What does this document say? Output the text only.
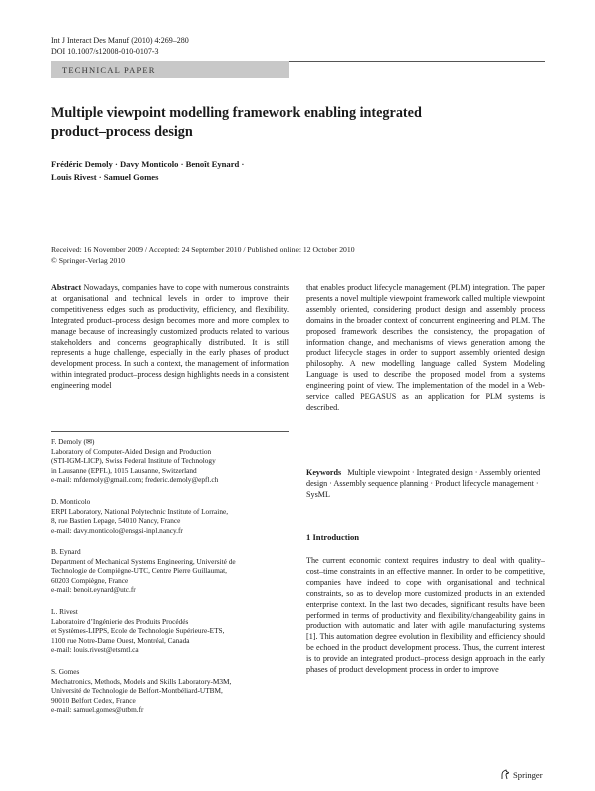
Int J Interact Des Manuf (2010) 4:269–280
DOI 10.1007/s12008-010-0107-3
TECHNICAL PAPER
Multiple viewpoint modelling framework enabling integrated
product–process design
Frédéric Demoly · Davy Monticolo · Benoît Eynard ·
Louis Rivest · Samuel Gomes
Received: 16 November 2009 / Accepted: 24 September 2010 / Published online: 12 October 2010
© Springer-Verlag 2010
Abstract Nowadays, companies have to cope with numerous constraints at organisational and technical levels in order to improve their competitiveness edges such as productivity, efficiency, and flexibility. Integrated product–process design becomes more and more complex to manage because of increasingly customized products related to various stakeholders and concerns geographically distributed. It is still represents a huge challenge, especially in the early phases of product development process. In such a context, the management of information within integrated product–process design highlights needs in a consistent engineering model
that enables product lifecycle management (PLM) integration. The paper presents a novel multiple viewpoint framework called multiple viewpoint assembly oriented, considering product design and assembly process domains in the broader context of concurrent engineering and PLM. The proposed framework describes the consistency, the propagation of information change, and mechanisms of views generation among the product lifecycle stages in order to support assembly oriented design philosophy. A new modelling language called System Modeling Language is used to describe the proposed model from a systems engineering point of view. The implementation of the model in a Web-service called PEGASUS as an application for PLM systems is described.
F. Demoly (✉)
Laboratory of Computer-Aided Design and Production
(STI-IGM-LICP), Swiss Federal Institute of Technology
in Lausanne (EPFL), 1015 Lausanne, Switzerland
e-mail: mfdemoly@gmail.com; frederic.demoly@epfl.ch
D. Monticolo
ERPI Laboratory, National Polytechnic Institute of Lorraine,
8, rue Bastien Lepage, 54010 Nancy, France
e-mail: davy.monticolo@ensgsi-inpl.nancy.fr
B. Eynard
Department of Mechanical Systems Engineering, Université de
Technologie de Compiègne-UTC, Centre Pierre Guillaumat,
60203 Compiègne, France
e-mail: benoit.eynard@utc.fr
L. Rivest
Laboratoire d’Ingénierie des Produits Procédés
et Systèmes-LIPPS, Ecole de Technologie Supérieure-ETS,
1100 rue Notre-Dame Ouest, Montréal, Canada
e-mail: louis.rivest@etsmtl.ca
S. Gomes
Mechatronics, Methods, Models and Skills Laboratory-M3M,
Université de Technologie de Belfort-Montbéliard-UTBM,
90010 Belfort Cedex, France
e-mail: samuel.gomes@utbm.fr
Keywords Multiple viewpoint · Integrated design · Assembly oriented design · Assembly sequence planning · Product lifecycle management · SysML
1 Introduction
The current economic context requires industry to deal with quality–cost–time constraints in an effective manner. In order to be competitive, companies have indeed to cope with organisational and technical constraints, so as to develop more customized products in an extended enterprise context. In the last two decades, significant results have been performed in terms of productivity and flexibility/changeability gains in production with automatic and later with agile manufacturing systems [1]. This automation degree evolution in flexibility and efficiency should be echoed in the product development process. Thus, the current interest is to provide an integrated product–process design approach in the early phases of product development process in order to improve
Springer
